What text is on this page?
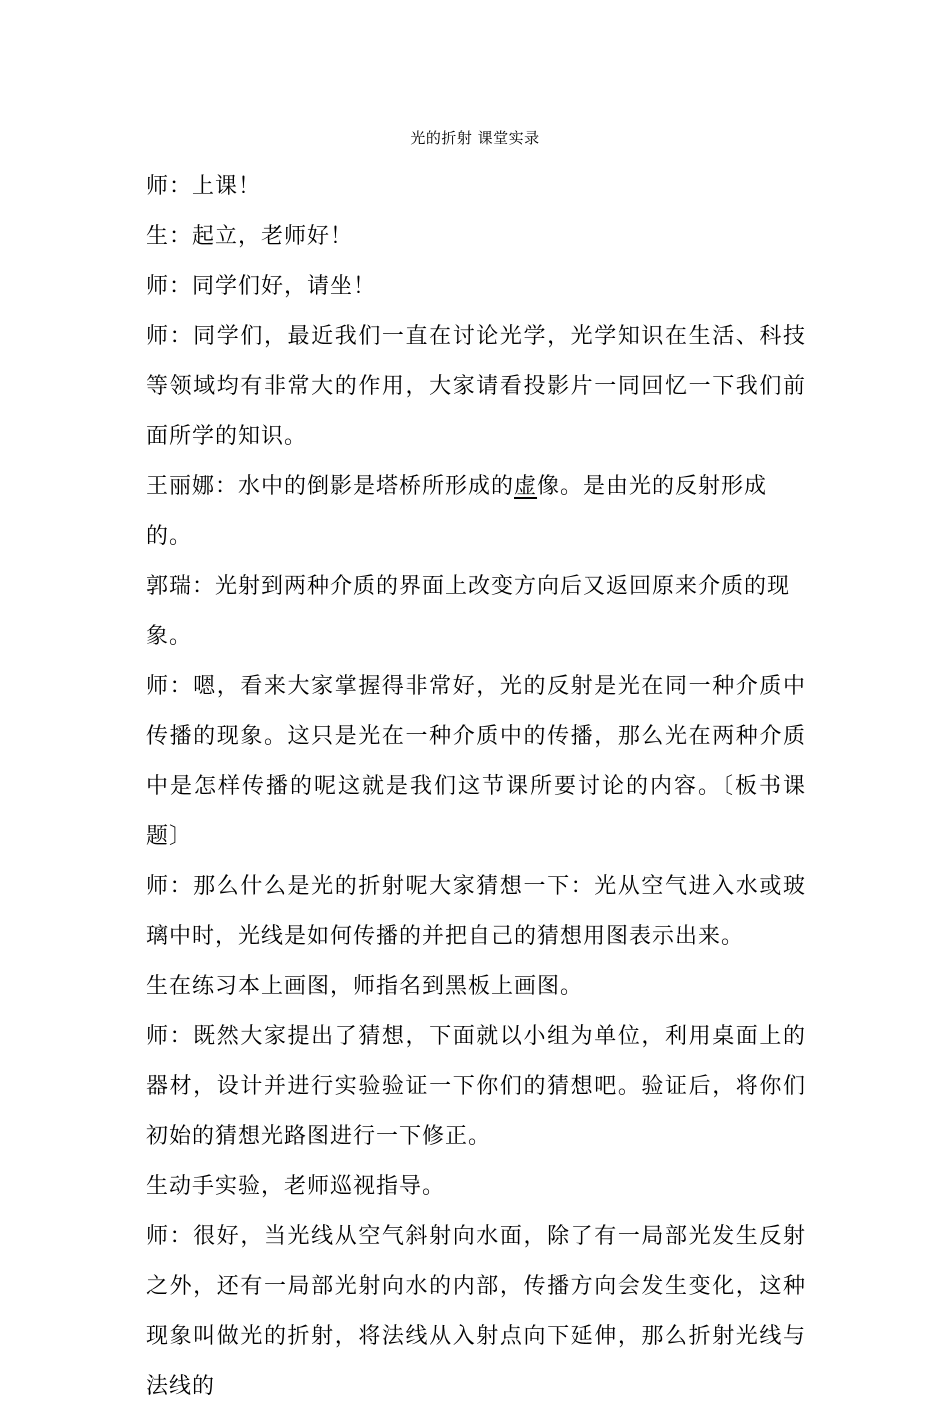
光的折射 课堂实录

师：上课！

生：起立，老师好！

师：同学们好，请坐！

师：同学们，最近我们一直在讨论光学，光学知识在生活、科技等领域均有非常大的作用，大家请看投影片一同回忆一下我们前面所学的知识。

王丽娜：水中的倒影是塔桥所形成的虚像。是由光的反射形成的。

郭瑞：光射到两种介质的界面上改变方向后又返回原来介质的现象。

师：嗯，看来大家掌握得非常好，光的反射是光在同一种介质中传播的现象。这只是光在一种介质中的传播，那么光在两种介质中是怎样传播的呢这就是我们这节课所要讨论的内容。〔板书课题〕

师：那么什么是光的折射呢大家猜想一下：光从空气进入水或玻璃中时，光线是如何传播的并把自己的猜想用图表示出来。

生在练习本上画图，师指名到黑板上画图。

师：既然大家提出了猜想，下面就以小组为单位，利用桌面上的器材，设计并进行实验验证一下你们的猜想吧。验证后，将你们初始的猜想光路图进行一下修正。

生动手实验，老师巡视指导。

师：很好，当光线从空气斜射向水面，除了有一局部光发生反射之外，还有一局部光射向水的内部，传播方向会发生变化，这种现象叫做光的折射，将法线从入射点向下延伸，那么折射光线与法线的
